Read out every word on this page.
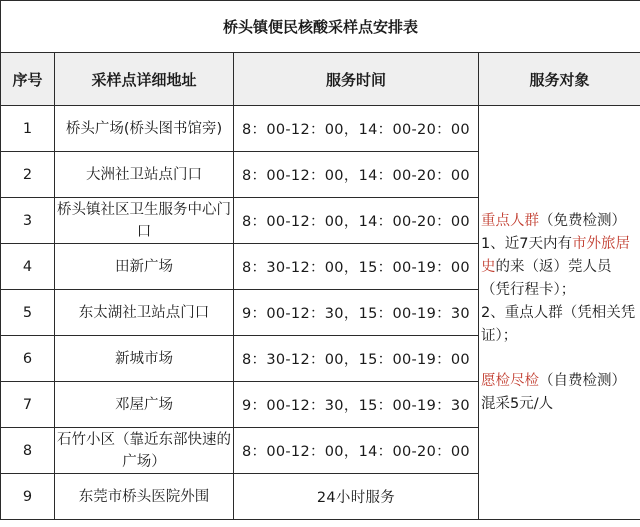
桥头镇便民核酸采样点安排表			
序号	采样点详细地址	服务时间	服务对象
1	桥头广场(桥头图书馆旁)	8：00-12：00，14：00-20：00	重点人群（免费检测）
1、近7天内有市外旅居史的来（返）莞人员（凭行程卡）；
2、重点人群（凭相关凭证）；
愿检尽检（自费检测）
混采5元/人
2	大洲社卫站点门口	8：00-12：00，14：00-20：00	
3	桥头镇社区卫生服务中心门口	8：00-12：00，14：00-20：00	
4	田新广场	8：30-12：00，15：00-19：00	
5	东太湖社卫站点门口	9：00-12：30，15：00-19：30	
6	新城市场	8：30-12：00，15：00-19：00	
7	邓屋广场	9：00-12：30，15：00-19：30	
8	石竹小区（靠近东部快速的广场）	8：00-12：00，14：00-20：00	
9	东莞市桥头医院外围	24小时服务	
